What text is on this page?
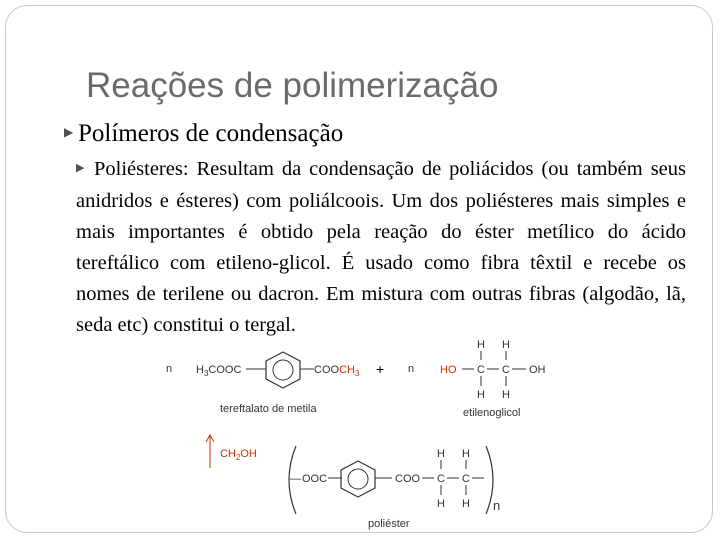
Reações de polimerização
▶ Polímeros de condensação
▶ Poliésteres: Resultam da condensação de poliácidos (ou também seus anidridos e ésteres) com poliálcoois. Um dos poliésteres mais simples e mais importantes é obtido pela reação do éster metílico do ácido tereftálico com etileno-glicol. É usado como fibra têxtil e recebe os nomes de terilene ou dacron. Em mistura com outras fibras (algodão, lã, seda etc) constitui o tergal.
n $H_3COOC$	$COOCH_3 + n$
tereftalato de metila
HO C C OH
H H
H H
etilenoglicol
$CH_2OH$
— OOC	COO C C
H H
H H n
poliéster
